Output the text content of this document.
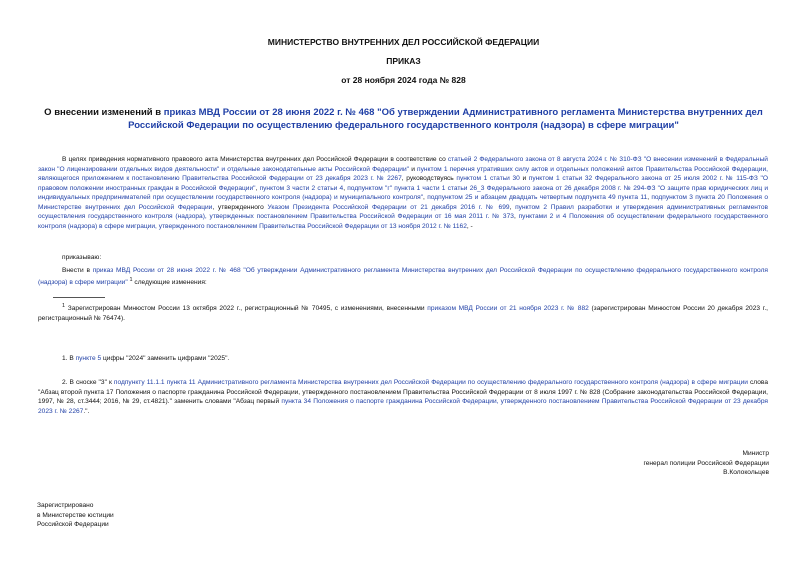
МИНИСТЕРСТВО ВНУТРЕННИХ ДЕЛ РОССИЙСКОЙ ФЕДЕРАЦИИ
ПРИКАЗ
от 28 ноября 2024 года № 828
О внесении изменений в приказ МВД России от 28 июня 2022 г. № 468 "Об утверждении Административного регламента Министерства внутренних дел Российской Федерации по осуществлению федерального государственного контроля (надзора) в сфере миграции"

В целях приведения нормативного правового акта Министерства внутренних дел Российской Федерации в соответствие со статьей 2 Федерального закона от 8 августа 2024 г. № 310-ФЗ "О внесении изменений в Федеральный закон "О лицензировании отдельных видов деятельности" и отдельные законодательные акты Российской Федерации" и пунктом 1 перечня утративших силу актов и отдельных положений актов Правительства Российской Федерации, являющегося приложением к постановлению Правительства Российской Федерации от 23 декабря 2023 г. № 2267, руководствуясь пунктом 1 статьи 30 и пунктом 1 статьи 32 Федерального закона от 25 июля 2002 г. № 115-ФЗ "О правовом положении иностранных граждан в Российской Федерации", пунктом 3 части 2 статьи 4, подпунктом "г" пункта 1 части 1 статьи 26_3 Федерального закона от 26 декабря 2008 г. № 294-ФЗ "О защите прав юридических лиц и индивидуальных предпринимателей при осуществлении государственного контроля (надзора) и муниципального контроля", подпунктом 25 и абзацем двадцать четвертым подпункта 49 пункта 11, подпунктом 3 пункта 20 Положения о Министерстве внутренних дел Российской Федерации, утвержденного Указом Президента Российской Федерации от 21 декабря 2016 г. № 699, пунктом 2 Правил разработки и утверждения административных регламентов осуществления государственного контроля (надзора), утвержденных постановлением Правительства Российской Федерации от 16 мая 2011 г. № 373, пунктами 2 и 4 Положения об осуществлении федерального государственного контроля (надзора) в сфере миграции, утвержденного постановлением Правительства Российской Федерации от 13 ноября 2012 г. № 1162, -

приказываю:

Внести в приказ МВД России от 28 июня 2022 г. № 468 "Об утверждении Административного регламента Министерства внутренних дел Российской Федерации по осуществлению федерального государственного контроля (надзора) в сфере миграции" $^1$ следующие изменения:

$^1$ Зарегистрирован Минюстом России 13 октября 2022 г., регистрационный № 70495, с изменениями, внесенными приказом МВД России от 21 ноября 2023 г. № 882 (зарегистрирован Минюстом России 20 декабря 2023 г., регистрационный № 76474).

1. В пункте 5 цифры "2024" заменить цифрами "2025".

2. В сноске "3" к подпункту 11.1.1 пункта 11 Административного регламента Министерства внутренних дел Российской Федерации по осуществлению федерального государственного контроля (надзора) в сфере миграции слова "Абзац второй пункта 17 Положения о паспорте гражданина Российской Федерации, утвержденного постановлением Правительства Российской Федерации от 8 июля 1997 г. № 828 (Собрание законодательства Российской Федерации, 1997, № 28, ст.3444; 2016, № 29, ст.4821)." заменить словами "Абзац первый пункта 34 Положения о паспорте гражданина Российской Федерации, утвержденного постановлением Правительства Российской Федерации от 23 декабря 2023 г. № 2267.".

Министр
генерал полиции Российской Федерации
В.Колокольцев
Зарегистрировано
в Министерстве юстиции
Российской Федерации
